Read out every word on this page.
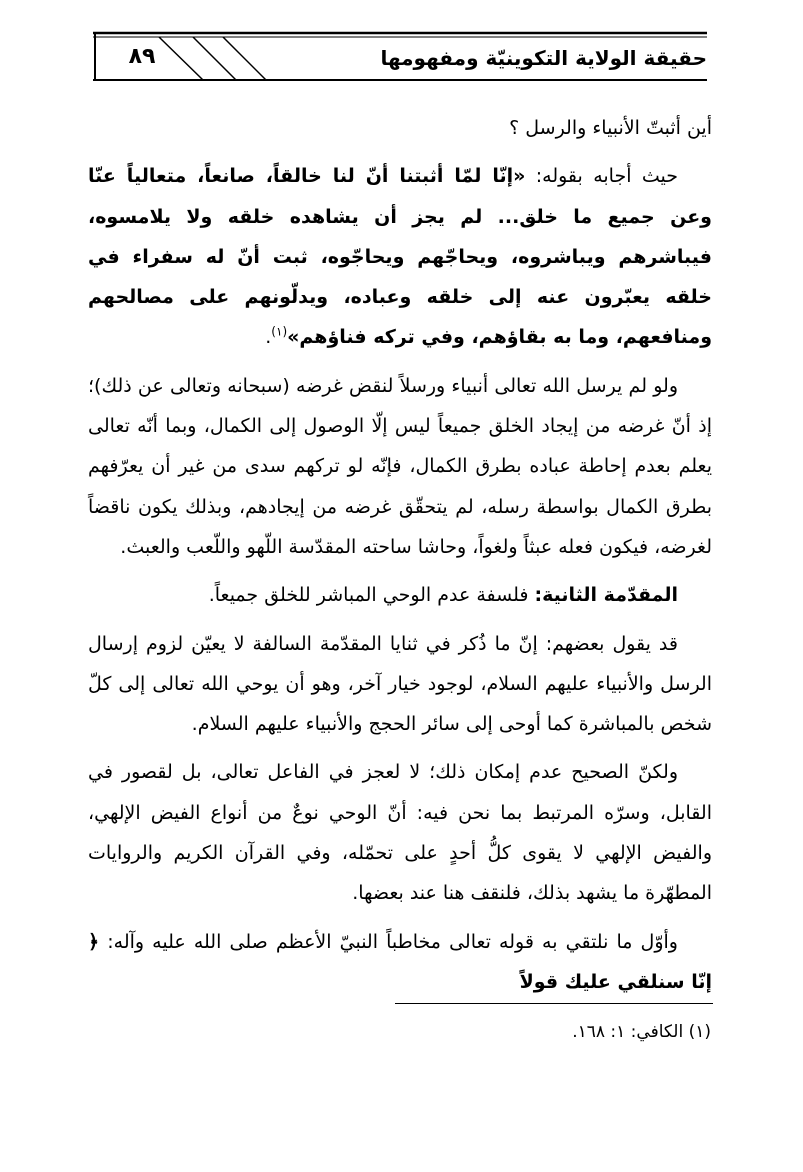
٨٩	حقيقة الولاية التكوينيّة ومفهومها

أين أثبتّ الأنبياء والرسل ؟

حيث أجابه بقوله: «إنّا لمّا أثبتنا أنّ لنا خالقاً، صانعاً، متعالياً عنّا وعن جميع ما خلق... لم يجز أن يشاهده خلقه ولا يلامسوه، فيباشرهم ويباشروه، ويحاجّهم ويحاجّوه، ثبت أنّ له سفراء في خلقه يعبّرون عنه إلى خلقه وعباده، ويدلّونهم على مصالحهم ومنافعهم، وما به بقاؤهم، وفي تركه فناؤهم»$^{(١)}$.

ولو لم يرسل الله تعالى أنبياء ورسلاً لنقض غرضه (سبحانه وتعالى عن ذلك)؛ إذ أنّ غرضه من إيجاد الخلق جميعاً ليس إلّا الوصول إلى الكمال، وبما أنّه تعالى يعلم بعدم إحاطة عباده بطرق الكمال، فإنّه لو تركهم سدى من غير أن يعرّفهم بطرق الكمال بواسطة رسله، لم يتحقّق غرضه من إيجادهم، وبذلك يكون ناقضاً لغرضه، فيكون فعله عبثاً ولغواً، وحاشا ساحته المقدّسة اللّهو واللّعب والعبث.

المقدّمة الثانية: فلسفة عدم الوحي المباشر للخلق جميعاً.

قد يقول بعضهم: إنّ ما ذُكر في ثنايا المقدّمة السالفة لا يعيّن لزوم إرسال الرسل والأنبياء عليهم السلام، لوجود خيار آخر، وهو أن يوحي الله تعالى إلى كلّ شخص بالمباشرة كما أوحى إلى سائر الحجج والأنبياء عليهم السلام.

ولكنّ الصحيح عدم إمكان ذلك؛ لا لعجز في الفاعل تعالى، بل لقصور في القابل، وسرّه المرتبط بما نحن فيه: أنّ الوحي نوعٌ من أنواع الفيض الإلهي، والفيض الإلهي لا يقوى كلُّ أحدٍ على تحمّله، وفي القرآن الكريم والروايات المطهّرة ما يشهد بذلك، فلنقف هنا عند بعضها.

وأوّل ما نلتقي به قوله تعالى مخاطباً النبيّ الأعظم صلى الله عليه وآله: ﴿ إنّا سنلقي عليك قولاً

(١) الكافي: ١: ١٦٨.
